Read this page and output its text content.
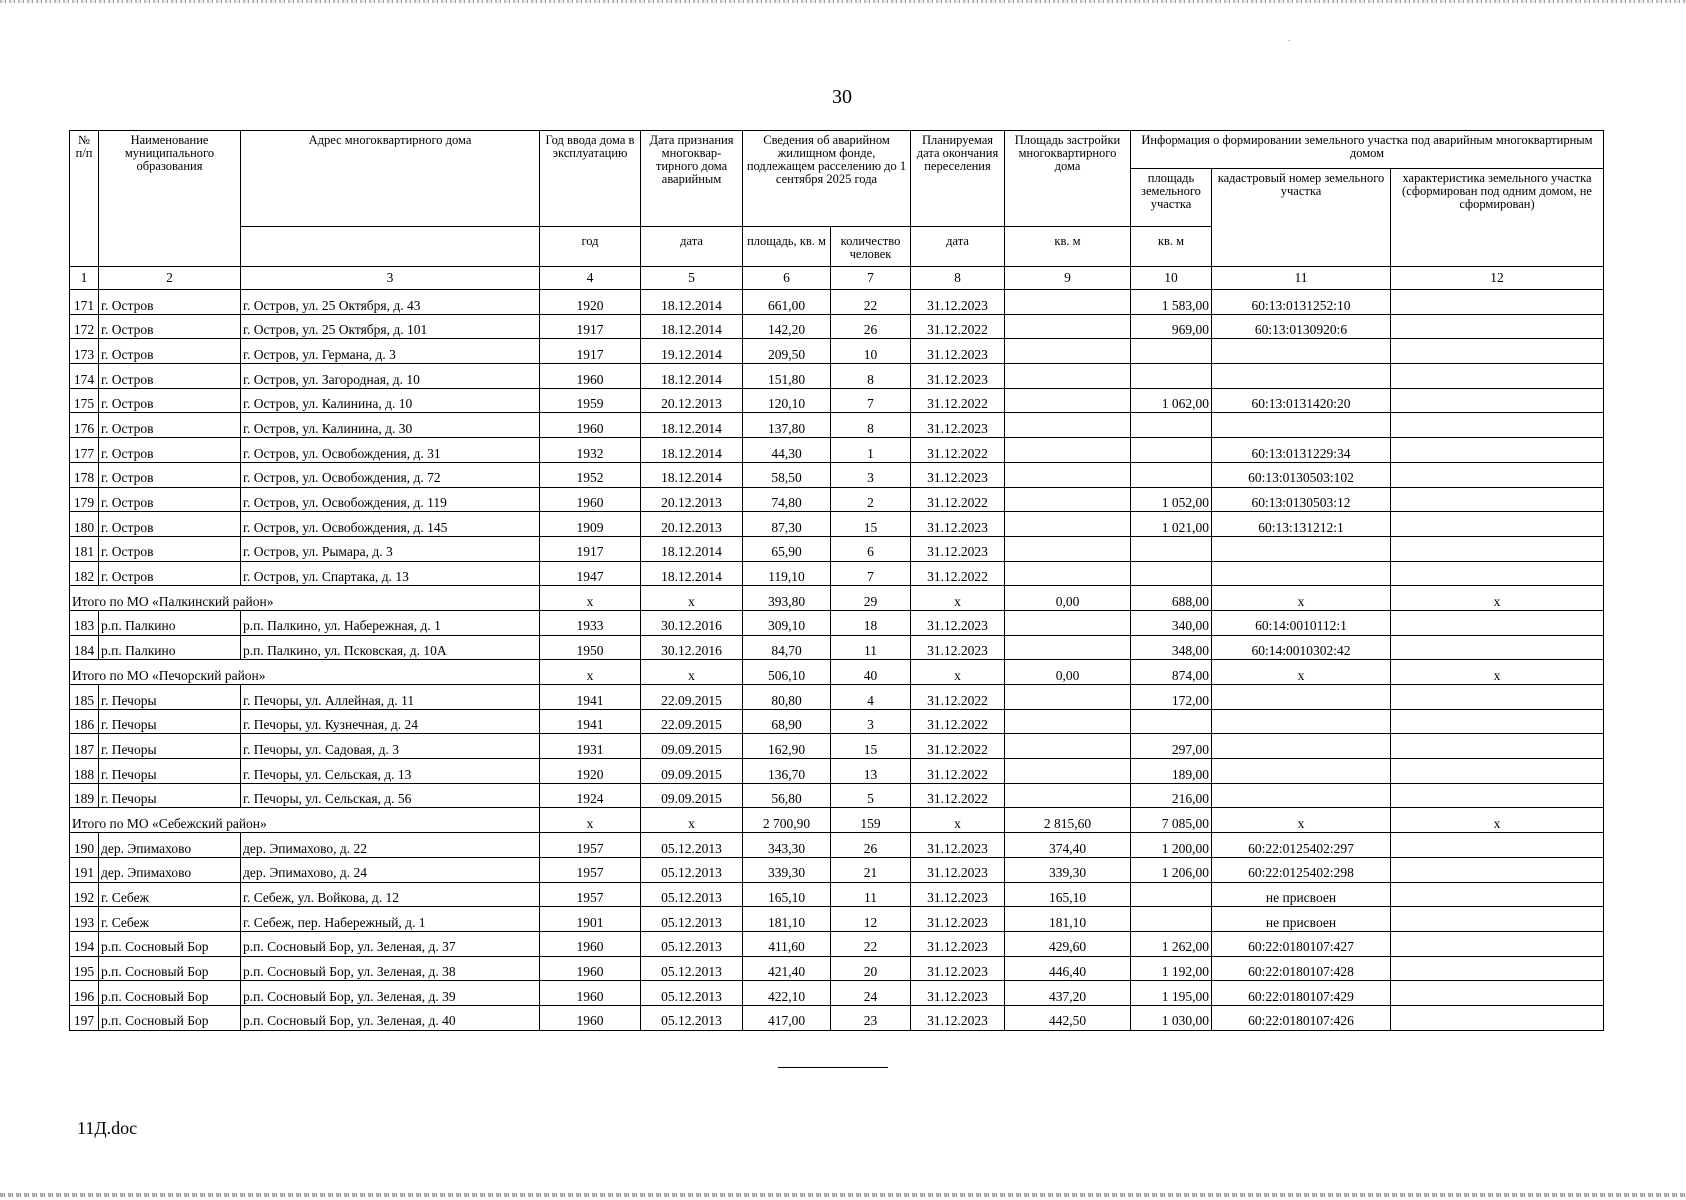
30
№ п/п	Наименование муниципального образования	Адрес многоквартирного дома	Год ввода дома в эксплуатацию	Дата признания многоквар-тирного дома аварийным	Сведения об аварийном жилищном фонде, подлежащем расселению до 1 сентября 2025 года		Планируемая дата окончания переселения	Площадь застройки многоквартирного дома	Информация о формировании земельного участка под аварийным многоквартирным домом		
									площадь земельного участка	кадастровый номер земельного участка	характеристика земельного участка (сформирован под одним домом, не сформирован)
			год	дата	площадь, кв. м	количество человек	дата	кв. м	кв. м		
1	2	3	4	5	6	7	8	9	10	11	12
171	г. Остров	г. Остров, ул. 25 Октября, д. 43	1920	18.12.2014	661,00	22	31.12.2023		1 583,00	60:13:0131252:10	
172	г. Остров	г. Остров, ул. 25 Октября, д. 101	1917	18.12.2014	142,20	26	31.12.2022		969,00	60:13:0130920:6	
173	г. Остров	г. Остров, ул. Германа, д. 3	1917	19.12.2014	209,50	10	31.12.2023				
174	г. Остров	г. Остров, ул. Загородная, д. 10	1960	18.12.2014	151,80	8	31.12.2023				
175	г. Остров	г. Остров, ул. Калинина, д. 10	1959	20.12.2013	120,10	7	31.12.2022		1 062,00	60:13:0131420:20	
176	г. Остров	г. Остров, ул. Калинина, д. 30	1960	18.12.2014	137,80	8	31.12.2023				
177	г. Остров	г. Остров, ул. Освобождения, д. 31	1932	18.12.2014	44,30	1	31.12.2022			60:13:0131229:34	
178	г. Остров	г. Остров, ул. Освобождения, д. 72	1952	18.12.2014	58,50	3	31.12.2023			60:13:0130503:102	
179	г. Остров	г. Остров, ул. Освобождения, д. 119	1960	20.12.2013	74,80	2	31.12.2022		1 052,00	60:13:0130503:12	
180	г. Остров	г. Остров, ул. Освобождения, д. 145	1909	20.12.2013	87,30	15	31.12.2023		1 021,00	60:13:131212:1	
181	г. Остров	г. Остров, ул. Рымара, д. 3	1917	18.12.2014	65,90	6	31.12.2023				
182	г. Остров	г. Остров, ул. Спартака, д. 13	1947	18.12.2014	119,10	7	31.12.2022				
Итого по МО «Палкинский район»			x	x	393,80	29	x	0,00	688,00	x	x
183	р.п. Палкино	р.п. Палкино, ул. Набережная, д. 1	1933	30.12.2016	309,10	18	31.12.2023		340,00	60:14:0010112:1	
184	р.п. Палкино	р.п. Палкино, ул. Псковская, д. 10А	1950	30.12.2016	84,70	11	31.12.2023		348,00	60:14:0010302:42	
Итого по МО «Печорский район»			x	x	506,10	40	x	0,00	874,00	x	x
185	г. Печоры	г. Печоры, ул. Аллейная, д. 11	1941	22.09.2015	80,80	4	31.12.2022		172,00		
186	г. Печоры	г. Печоры, ул. Кузнечная, д. 24	1941	22.09.2015	68,90	3	31.12.2022				
187	г. Печоры	г. Печоры, ул. Садовая, д. 3	1931	09.09.2015	162,90	15	31.12.2022		297,00		
188	г. Печоры	г. Печоры, ул. Сельская, д. 13	1920	09.09.2015	136,70	13	31.12.2022		189,00		
189	г. Печоры	г. Печоры, ул. Сельская, д. 56	1924	09.09.2015	56,80	5	31.12.2022		216,00		
Итого по МО «Себежский район»			x	x	2 700,90	159	x	2 815,60	7 085,00	x	x
190	дер. Эпимахово	дер. Эпимахово, д. 22	1957	05.12.2013	343,30	26	31.12.2023	374,40	1 200,00	60:22:0125402:297	
191	дер. Эпимахово	дер. Эпимахово, д. 24	1957	05.12.2013	339,30	21	31.12.2023	339,30	1 206,00	60:22:0125402:298	
192	г. Себеж	г. Себеж, ул. Войкова, д. 12	1957	05.12.2013	165,10	11	31.12.2023	165,10		не присвоен	
193	г. Себеж	г. Себеж, пер. Набережный, д. 1	1901	05.12.2013	181,10	12	31.12.2023	181,10		не присвоен	
194	р.п. Сосновый Бор	р.п. Сосновый Бор, ул. Зеленая, д. 37	1960	05.12.2013	411,60	22	31.12.2023	429,60	1 262,00	60:22:0180107:427	
195	р.п. Сосновый Бор	р.п. Сосновый Бор, ул. Зеленая, д. 38	1960	05.12.2013	421,40	20	31.12.2023	446,40	1 192,00	60:22:0180107:428	
196	р.п. Сосновый Бор	р.п. Сосновый Бор, ул. Зеленая, д. 39	1960	05.12.2013	422,10	24	31.12.2023	437,20	1 195,00	60:22:0180107:429	
197	р.п. Сосновый Бор	р.п. Сосновый Бор, ул. Зеленая, д. 40	1960	05.12.2013	417,00	23	31.12.2023	442,50	1 030,00	60:22:0180107:426	
11Д.doc
